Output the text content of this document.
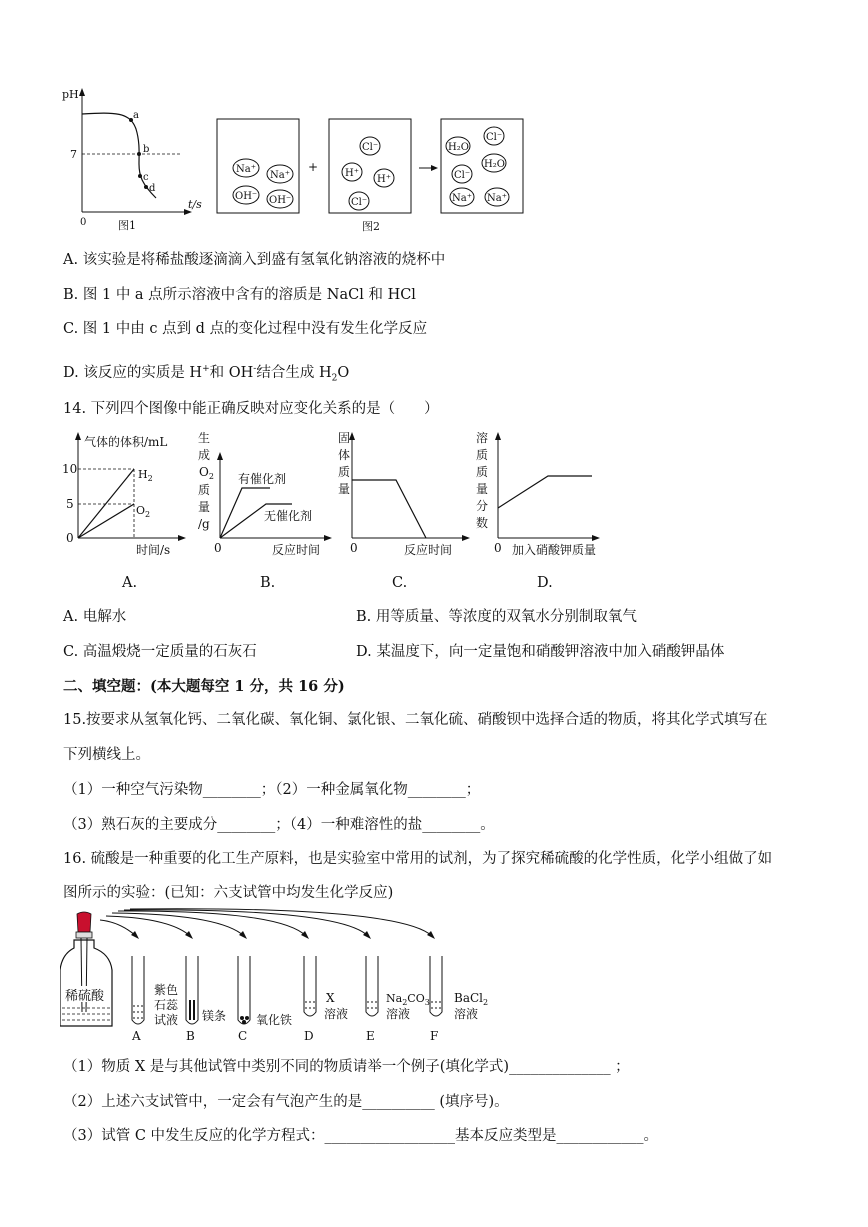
pH
7
0
t/s
a
b
c
d
图1
Na⁺
Na⁺
OH⁻ OH⁻
+
Cl⁻
H⁺
H⁺
Cl⁻
H₂O
Cl⁻
H₂O
Cl⁻
Na⁺ Na⁺
图2
A. 该实验是将稀盐酸逐滴滴入到盛有氢氧化钠溶液的烧杯中
B. 图 1 中 a 点所示溶液中含有的溶质是 NaCl 和 HCl
C. 图 1 中由 c 点到 d 点的变化过程中没有发生化学反应
D. 该反应的实质是 H+和 OH-结合生成 $H_2O$
14. 下列四个图像中能正确反映对应变化关系的是（　　）
气体的体积/mL
10
5
0
$H_2$
$O_2$
时间/s
A.
生
成
$O_2$
质
量
/g
有催化剂
无催化剂
0	反应时间
B.
固
体
质
量
0	反应时间
C.
溶
质
质
量
分
数
0 加入硝酸钾质量
D.
A. 电解水	B. 用等质量、等浓度的双氧水分别制取氧气
C. 高温煅烧一定质量的石灰石	D. 某温度下，向一定量饱和硝酸钾溶液中加入硝酸钾晶体
二、填空题：(本大题每空 1 分，共 16 分)
15.按要求从氢氧化钙、二氧化碳、氧化铜、氯化银、二氧化硫、硝酸钡中选择合适的物质，将其化学式填写在
下列横线上。
（1）一种空气污染物________；（2）一种金属氧化物________；
（3）熟石灰的主要成分________；（4）一种难溶性的盐________。
16. 硫酸是一种重要的化工生产原料，也是实验室中常用的试剂，为了探究稀硫酸的化学性质，化学小组做了如
图所示的实验：(已知：六支试管中均发生化学反应)
稀硫酸	紫色
石蕊
试液 镁条 氧化铁
X
溶液
$Na_2CO_3$
溶液
BaCl$_2$
溶液
A	B	C	D	E	F
（1）物质 X 是与其他试管中类别不同的物质请举一个例子(填化学式)______________ ；
（2）上述六支试管中，一定会有气泡产生的是__________ (填序号)。
（3）试管 C 中发生反应的化学方程式：__________________基本反应类型是____________。
